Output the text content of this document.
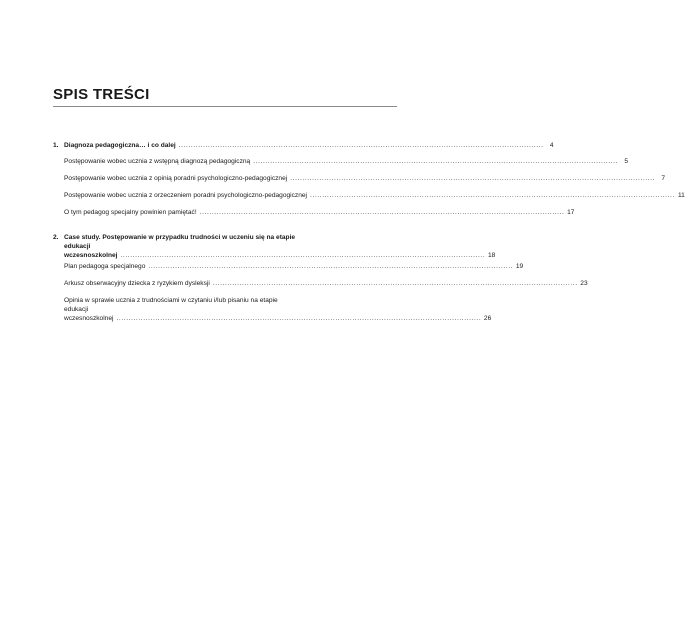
SPIS TREŚCI
1. Diagnoza pedagogiczna… i co dalej ...................................................................................................................................................... 4
Postępowanie wobec ucznia z wstępną diagnozą pedagogiczną ...................................................................................................................................................... 5
Postępowanie wobec ucznia z opinią poradni psychologiczno-pedagogicznej ...................................................................................................................................................... 7
Postępowanie wobec ucznia z orzeczeniem poradni psychologiczno-pedagogicznej ...................................................................................................................................................... 11
O tym pedagog specjalny powinien pamiętać! ...................................................................................................................................................... 17
2. Case study. Postępowanie w przypadku trudności w uczeniu się na etapie
edukacji wczesnoszkolnej ...................................................................................................................................................... 18
Plan pedagoga specjalnego ...................................................................................................................................................... 19
Arkusz obserwacyjny dziecka z ryzykiem dysleksji ...................................................................................................................................................... 23
Opinia w sprawie ucznia z trudnościami w czytaniu i/lub pisaniu na etapie
edukacji wczesnoszkolnej ...................................................................................................................................................... 26
